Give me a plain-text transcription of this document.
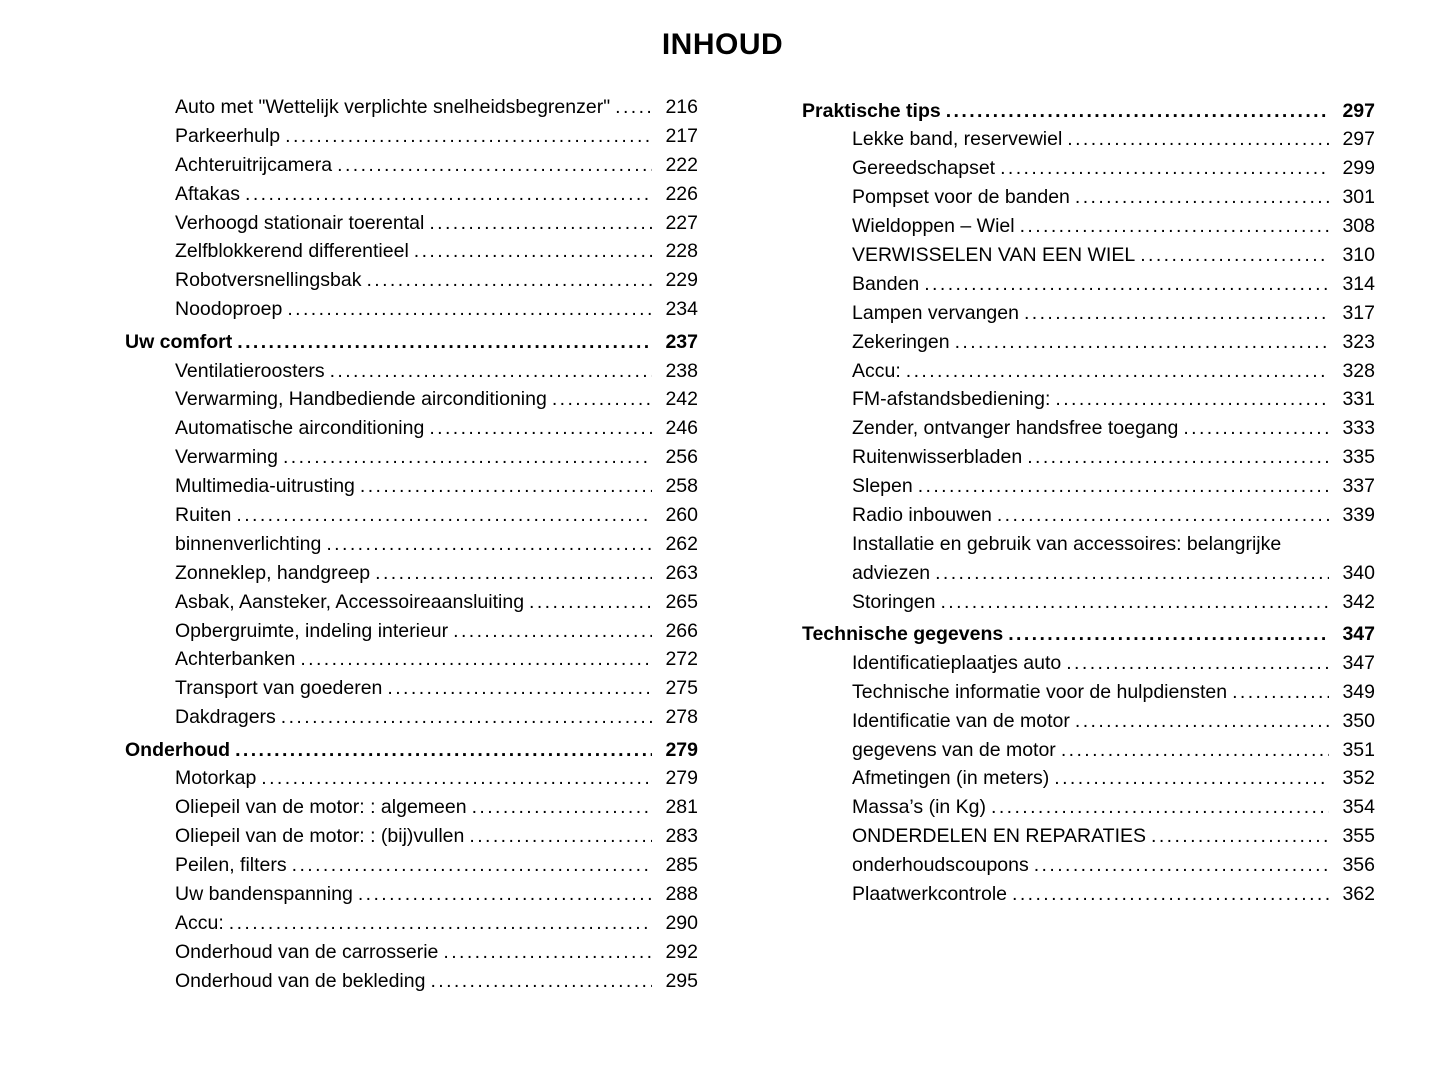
INHOUD
Auto met "Wettelijk verplichte snelheidsbegrenzer" .....	216
Parkeerhulp .....	217
Achteruitrijcamera .....	222
Aftakas .....	226
Verhoogd stationair toerental .....	227
Zelfblokkerend differentieel .....	228
Robotversnellingsbak .....	229
Noodoproep .....	234
Uw comfort .....	237
Ventilatieroosters .....	238
Verwarming, Handbediende airconditioning .....	242
Automatische airconditioning .....	246
Verwarming .....	256
Multimedia-uitrusting .....	258
Ruiten .....	260
binnenverlichting .....	262
Zonneklep, handgreep .....	263
Asbak, Aansteker, Accessoireaansluiting .....	265
Opbergruimte, indeling interieur .....	266
Achterbanken .....	272
Transport van goederen .....	275
Dakdragers .....	278
Onderhoud .....	279
Motorkap .....	279
Oliepeil van de motor: : algemeen .....	281
Oliepeil van de motor: : (bij)vullen .....	283
Peilen, filters .....	285
Uw bandenspanning .....	288
Accu: .....	290
Onderhoud van de carrosserie .....	292
Onderhoud van de bekleding .....	295
Praktische tips .....	297
Lekke band, reservewiel .....	297
Gereedschapset .....	299
Pompset voor de banden .....	301
Wieldoppen – Wiel .....	308
VERWISSELEN VAN EEN WIEL .....	310
Banden .....	314
Lampen vervangen .....	317
Zekeringen .....	323
Accu: .....	328
FM-afstandsbediening: .....	331
Zender, ontvanger handsfree toegang .....	333
Ruitenwisserbladen .....	335
Slepen .....	337
Radio inbouwen .....	339
Installatie en gebruik van accessoires: belangrijke
adviezen .....	340
Storingen .....	342
Technische gegevens .....	347
Identificatieplaatjes auto .....	347
Technische informatie voor de hulpdiensten .....	349
Identificatie van de motor .....	350
gegevens van de motor .....	351
Afmetingen (in meters) .....	352
Massa’s (in Kg) .....	354
ONDERDELEN EN REPARATIES .....	355
onderhoudscoupons .....	356
Plaatwerkcontrole .....	362
